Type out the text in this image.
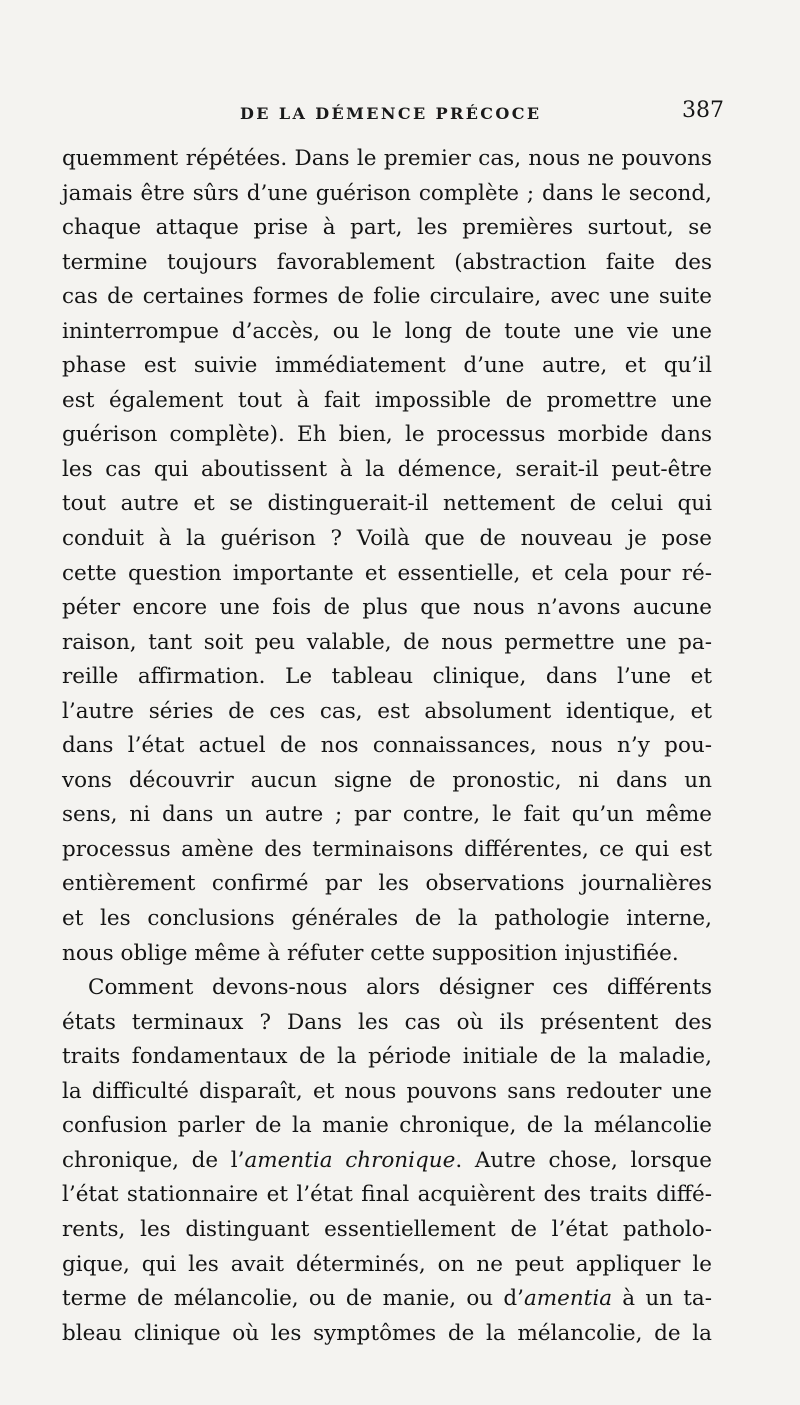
DE LA DÉMENCE PRÉCOCE	387
quemment répétées. Dans le premier cas, nous ne pouvons
jamais être sûrs d’une guérison complète ; dans le second,
chaque attaque prise à part, les premières surtout, se
termine toujours favorablement (abstraction faite des
cas de certaines formes de folie circulaire, avec une suite
ininterrompue d’accès, ou le long de toute une vie une
phase est suivie immédiatement d’une autre, et qu’il
est également tout à fait impossible de promettre une
guérison complète). Eh bien, le processus morbide dans
les cas qui aboutissent à la démence, serait-il peut-être
tout autre et se distinguerait-il nettement de celui qui
conduit à la guérison ? Voilà que de nouveau je pose
cette question importante et essentielle, et cela pour ré-
péter encore une fois de plus que nous n’avons aucune
raison, tant soit peu valable, de nous permettre une pa-
reille affirmation. Le tableau clinique, dans l’une et
l’autre séries de ces cas, est absolument identique, et
dans l’état actuel de nos connaissances, nous n’y pou-
vons découvrir aucun signe de pronostic, ni dans un
sens, ni dans un autre ; par contre, le fait qu’un même
processus amène des terminaisons différentes, ce qui est
entièrement confirmé par les observations journalières
et les conclusions générales de la pathologie interne,
nous oblige même à réfuter cette supposition injustifiée.
Comment devons-nous alors désigner ces différents
états terminaux ? Dans les cas où ils présentent des
traits fondamentaux de la période initiale de la maladie,
la difficulté disparaît, et nous pouvons sans redouter une
confusion parler de la manie chronique, de la mélancolie
chronique, de l’amentia chronique. Autre chose, lorsque
l’état stationnaire et l’état final acquièrent des traits diffé-
rents, les distinguant essentiellement de l’état patholo-
gique, qui les avait déterminés, on ne peut appliquer le
terme de mélancolie, ou de manie, ou d’amentia à un ta-
bleau clinique où les symptômes de la mélancolie, de la
